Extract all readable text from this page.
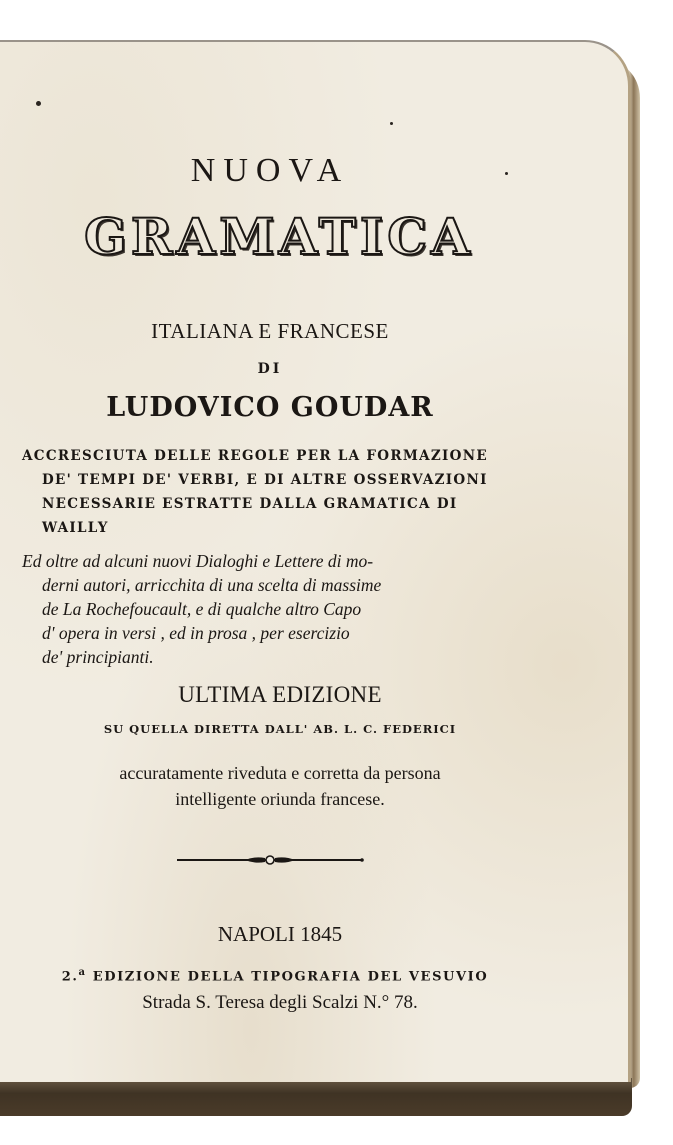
NUOVA
GRAMATICA
ITALIANA E FRANCESE
DI
LUDOVICO GOUDAR
ACCRESCIUTA DELLE REGOLE PER LA FORMAZIONE
DE' TEMPI DE' VERBI, E DI ALTRE OSSERVAZIONI
NECESSARIE ESTRATTE DALLA GRAMATICA DI
WAILLY
Ed oltre ad alcuni nuovi Dialoghi e Lettere di mo-
derni autori, arricchita di una scelta di massime
de La Rochefoucault, e di qualche altro Capo
d' opera in versi , ed in prosa , per esercizio
de' principianti.
ULTIMA EDIZIONE
SU QUELLA DIRETTA DALL' AB. L. C. FEDERICI
accuratamente riveduta e corretta da persona
intelligente oriunda francese.
NAPOLI 1845
2.$^a$ EDIZIONE DELLA TIPOGRAFIA DEL VESUVIO
Strada S. Teresa degli Scalzi N.° 78.
